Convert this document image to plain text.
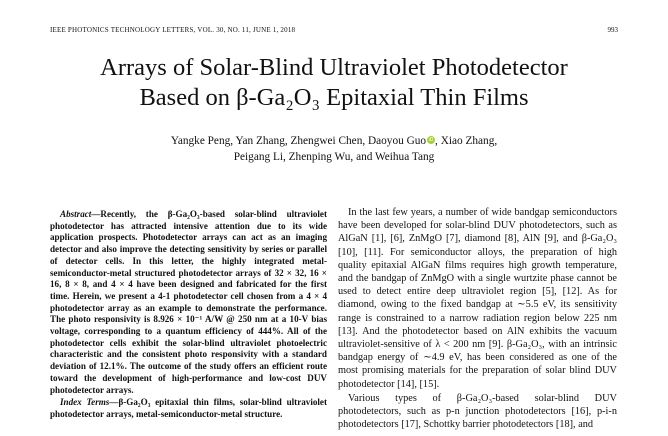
IEEE PHOTONICS TECHNOLOGY LETTERS, VOL. 30, NO. 11, JUNE 1, 2018	993
Arrays of Solar-Blind Ultraviolet Photodetector
Based on β-Ga₂O₃ Epitaxial Thin Films
Yangke Peng, Yan Zhang, Zhengwei Chen, Daoyou Guo iD , Xiao Zhang,
Peigang Li, Zhenping Wu, and Weihua Tang

Abstract—Recently, the β-Ga₂O₃-based solar-blind ultraviolet photodetector has attracted intensive attention due to its wide application prospects. Photodetector arrays can act as an imaging detector and also improve the detecting sensitivity by series or parallel of detector cells. In this letter, the highly integrated metal-semiconductor-metal structured photodetector arrays of 32 × 32, 16 × 16, 8 × 8, and 4 × 4 have been designed and fabricated for the first time. Herein, we present a 4-1 photodetector cell chosen from a 4 × 4 photodetector array as an example to demonstrate the performance. The photo responsivity is 8.926 × 10⁻¹ A/W @ 250 nm at a 10-V bias voltage, corresponding to a quantum efficiency of 444%. All of the photodetector cells exhibit the solar-blind ultraviolet photoelectric characteristic and the consistent photo responsivity with a standard deviation of 12.1%. The outcome of the study offers an efficient route toward the development of high-performance and low-cost DUV photodetector arrays.

Index Terms—β-Ga₂O₃ epitaxial thin films, solar-blind ultraviolet photodetector arrays, metal-semiconductor-metal structure.

In the last few years, a number of wide bandgap semiconductors have been developed for solar-blind DUV photodetectors, such as AlGaN [1], [6], ZnMgO [7], diamond [8], AlN [9], and β-Ga₂O₃ [10], [11]. For semiconductor alloys, the preparation of high quality epitaxial AlGaN films requires high growth temperature, and the bandgap of ZnMgO with a single wurtzite phase cannot be used to detect entire deep ultraviolet region [5], [12]. As for diamond, owing to the fixed bandgap at ∼5.5 eV, its sensitivity range is constrained to a narrow radiation region below 225 nm [13]. And the photodetector based on AlN exhibits the vacuum ultraviolet-sensitive of λ < 200 nm [9]. β-Ga₂O₃, with an intrinsic bandgap energy of ∼4.9 eV, has been considered as one of the most promising materials for the preparation of solar blind DUV photodetector [14], [15].

Various types of β-Ga₂O₃-based solar-blind DUV photodetectors, such as p-n junction photodetectors [16], p-i-n photodetectors [17], Schottky barrier photodetectors [18], and
